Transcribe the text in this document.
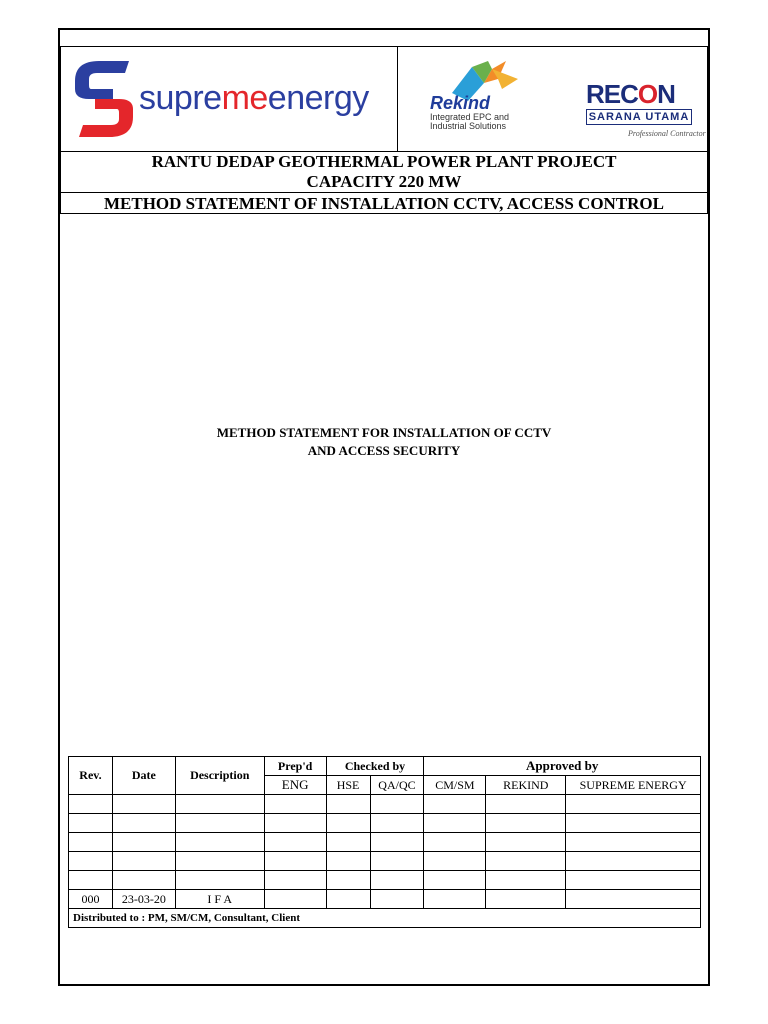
supremeenergy	Rekind
Integrated EPC and
Industrial Solutions
RECON
SARANA UTAMA
Professional Contractor
RANTU DEDAP GEOTHERMAL POWER PLANT PROJECT
CAPACITY 220 MW
METHOD STATEMENT OF INSTALLATION CCTV, ACCESS CONTROL
METHOD STATEMENT FOR INSTALLATION OF CCTV
AND ACCESS SECURITY
Rev.	Date	Description	Prep'd	Checked by		Approved by		
			ENG	HSE	QA/QC	CM/SM	REKIND	SUPREME ENERGY

000	23-03-20	I F A						
Distributed to : PM, SM/CM, Consultant, Client								
